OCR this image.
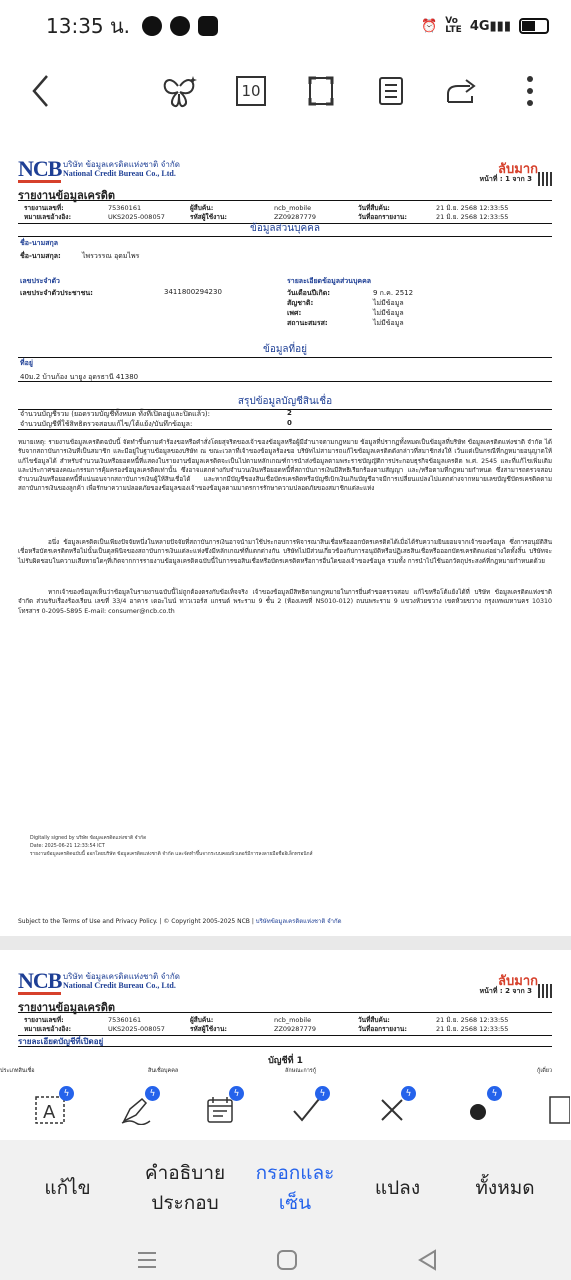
13:35 น.	⏰ Vo
LTE 4G▮▮▮
10
NCB บริษัท ข้อมูลเครดิตแห่งชาติ จำกัด
National Credit Bureau Co., Ltd.	ลับมาก
หน้าที่ : 1 จาก 3
รายงานข้อมูลเครดิต
รายงานเลขที่:	75360161	ผู้สืบค้น:	ncb_mobile	วันที่สืบค้น:	21 มิ.ย. 2568 12:33:55
หมายเลขอ้างอิง:	UKS2025-008057	รหัสผู้ใช้งาน:	ZZ09287779	วันที่ออกรายงาน:	21 มิ.ย. 2568 12:33:55
ข้อมูลส่วนบุคคล
ชื่อ-นามสกุล
ชื่อ-นามสกุล:	ไพรวรรณ อุดมไพร
เลขประจำตัว
เลขประจำตัวประชาชน:	3411800294230
รายละเอียดข้อมูลส่วนบุคคล
วันเดือนปีเกิด:	9 ก.ค. 2512
สัญชาติ:	ไม่มีข้อมูล
เพศ:	ไม่มีข้อมูล
สถานะสมรส:	ไม่มีข้อมูล
ข้อมูลที่อยู่
ที่อยู่
40ม.2 บ้านก้อง นายูง อุดรธานี 41380
สรุปข้อมูลบัญชีสินเชื่อ
จำนวนบัญชีรวม (ยอดรวมบัญชีทั้งหมด ทั้งที่เปิดอยู่และปิดแล้ว):	2
จำนวนบัญชีที่ใช้สิทธิตรวจสอบแก้ไข/โต้แย้ง/บันทึกข้อมูล:	0
หมายเหตุ: รายงานข้อมูลเครดิตฉบับนี้ จัดทำขึ้นตามคำร้องขอหรือคำสั่งโดยสุจริตของเจ้าของข้อมูลหรือผู้มีอำนาจตามกฎหมาย ข้อมูลที่ปรากฏทั้งหมดเป็นข้อมูลที่บริษัท ข้อมูลเครดิตแห่งชาติ จำกัด ได้รับจากสถาบันการเงินที่เป็นสมาชิก และมีอยู่ในฐานข้อมูลของบริษัท ณ ขณะเวลาที่เจ้าของข้อมูลร้องขอ บริษัทไม่สามารถแก้ไขข้อมูลเครดิตดังกล่าวที่สมาชิกส่งให้ เว้นแต่เป็นกรณีที่กฎหมายอนุญาตให้แก้ไขข้อมูลได้ สำหรับจำนวนเงินหรือยอดหนี้ที่แสดงในรายงานข้อมูลเครดิตจะเป็นไปตามหลักเกณฑ์การนำส่งข้อมูลตามพระราชบัญญัติการประกอบธุรกิจข้อมูลเครดิต พ.ศ. 2545 และที่แก้ไขเพิ่มเติม และประกาศของคณะกรรมการคุ้มครองข้อมูลเครดิตเท่านั้น ซึ่งอาจแตกต่างกับจำนวนเงินหรือยอดหนี้ที่สถาบันการเงินมีสิทธิเรียกร้องตามสัญญา และ/หรือตามที่กฎหมายกำหนด ซึ่งสามารถตรวจสอบจำนวนเงินหรือยอดหนี้ที่แน่นอนจากสถาบันการเงินผู้ให้สินเชื่อได้ และหากมีบัญชีของสินเชื่อบัตรเครดิตหรือบัญชีเบิกเงินเกินบัญชีอาจมีการเปลี่ยนแปลงไปแตกต่างจากหมายเลขบัญชีบัตรเครดิตตามสถาบันการเงินของลูกค้า เพื่อรักษาความปลอดภัยของข้อมูลของเจ้าของข้อมูลตามมาตรการรักษาความปลอดภัยของสมาชิกแต่ละแห่ง
อนึ่ง ข้อมูลเครดิตเป็นเพียงปัจจัยหนึ่งในหลายปัจจัยที่สถาบันการเงินอาจนำมาใช้ประกอบการพิจารณาสินเชื่อหรือออกบัตรเครดิตได้เมื่อได้รับความยินยอมจากเจ้าของข้อมูล ซึ่งการอนุมัติสินเชื่อหรือบัตรเครดิตหรือไม่นั้นเป็นดุลพินิจของสถาบันการเงินแต่ละแห่งซึ่งมีหลักเกณฑ์ที่แตกต่างกัน บริษัทไม่มีส่วนเกี่ยวข้องกับการอนุมัติหรือปฏิเสธสินเชื่อหรือออกบัตรเครดิตแต่อย่างใดทั้งสิ้น บริษัทจะไม่รับผิดชอบในความเสียหายใดๆที่เกิดจากการรายงานข้อมูลเครดิตฉบับนี้ในการขอสินเชื่อหรือบัตรเครดิตหรือการอื่นใดของเจ้าของข้อมูล รวมทั้ง การนำไปใช้นอกวัตถุประสงค์ที่กฎหมายกำหนดด้วย
หากเจ้าของข้อมูลเห็นว่าข้อมูลในรายงานฉบับนี้ไม่ถูกต้องตรงกับข้อเท็จจริง เจ้าของข้อมูลมีสิทธิตามกฎหมายในการยื่นคำขอตรวจสอบ แก้ไขหรือโต้แย้งได้ที่ บริษัท ข้อมูลเครดิตแห่งชาติ จำกัด ส่วนรับเรื่องร้องเรียน เลขที่ 33/4 อาคาร เดอะไนน์ ทาวเวอร์ส แกรนด์ พระราม 9 ชั้น 2 (ห้องเลขที่ NS010-012) ถนนพระราม 9 แขวงห้วยขวาง เขตห้วยขวาง กรุงเทพมหานคร 10310 โทรสาร 0-2095-5895 E-mail: consumer@ncb.co.th
Digitally signed by บริษัท ข้อมูลเครดิตแห่งชาติ จำกัด
Date: 2025-06-21 12:33:54 ICT
รายงานข้อมูลเครดิตฉบับนี้ ออกโดยบริษัท ข้อมูลเครดิตแห่งชาติ จำกัด และจัดทำขึ้นจากระบบคอมพิวเตอร์มีการลงลายมือชื่ออิเล็กทรอนิกส์
Subject to the Terms of Use and Privacy Policy. | © Copyright 2005-2025 NCB | บริษัทข้อมูลเครดิตแห่งชาติ จำกัด
NCB บริษัท ข้อมูลเครดิตแห่งชาติ จำกัด
National Credit Bureau Co., Ltd.	ลับมาก
หน้าที่ : 2 จาก 3
รายงานข้อมูลเครดิต
รายงานเลขที่:	75360161	ผู้สืบค้น:	ncb_mobile	วันที่สืบค้น:	21 มิ.ย. 2568 12:33:55
หมายเลขอ้างอิง:	UKS2025-008057	รหัสผู้ใช้งาน:	ZZ09287779	วันที่ออกรายงาน:	21 มิ.ย. 2568 12:33:55
รายละเอียดบัญชีที่เปิดอยู่
บัญชีที่ 1
ประเภทสินเชื่อ	สินเชื่อบุคคล	ลักษณะการกู้	กู้เดี่ยว
A
ϟ	ϟ	ϟ	ϟ	ϟ	ϟ
แก้ไข
คำอธิบาย
ประกอบ
กรอกและ
เซ็น
แปลง	ทั้งหมด
